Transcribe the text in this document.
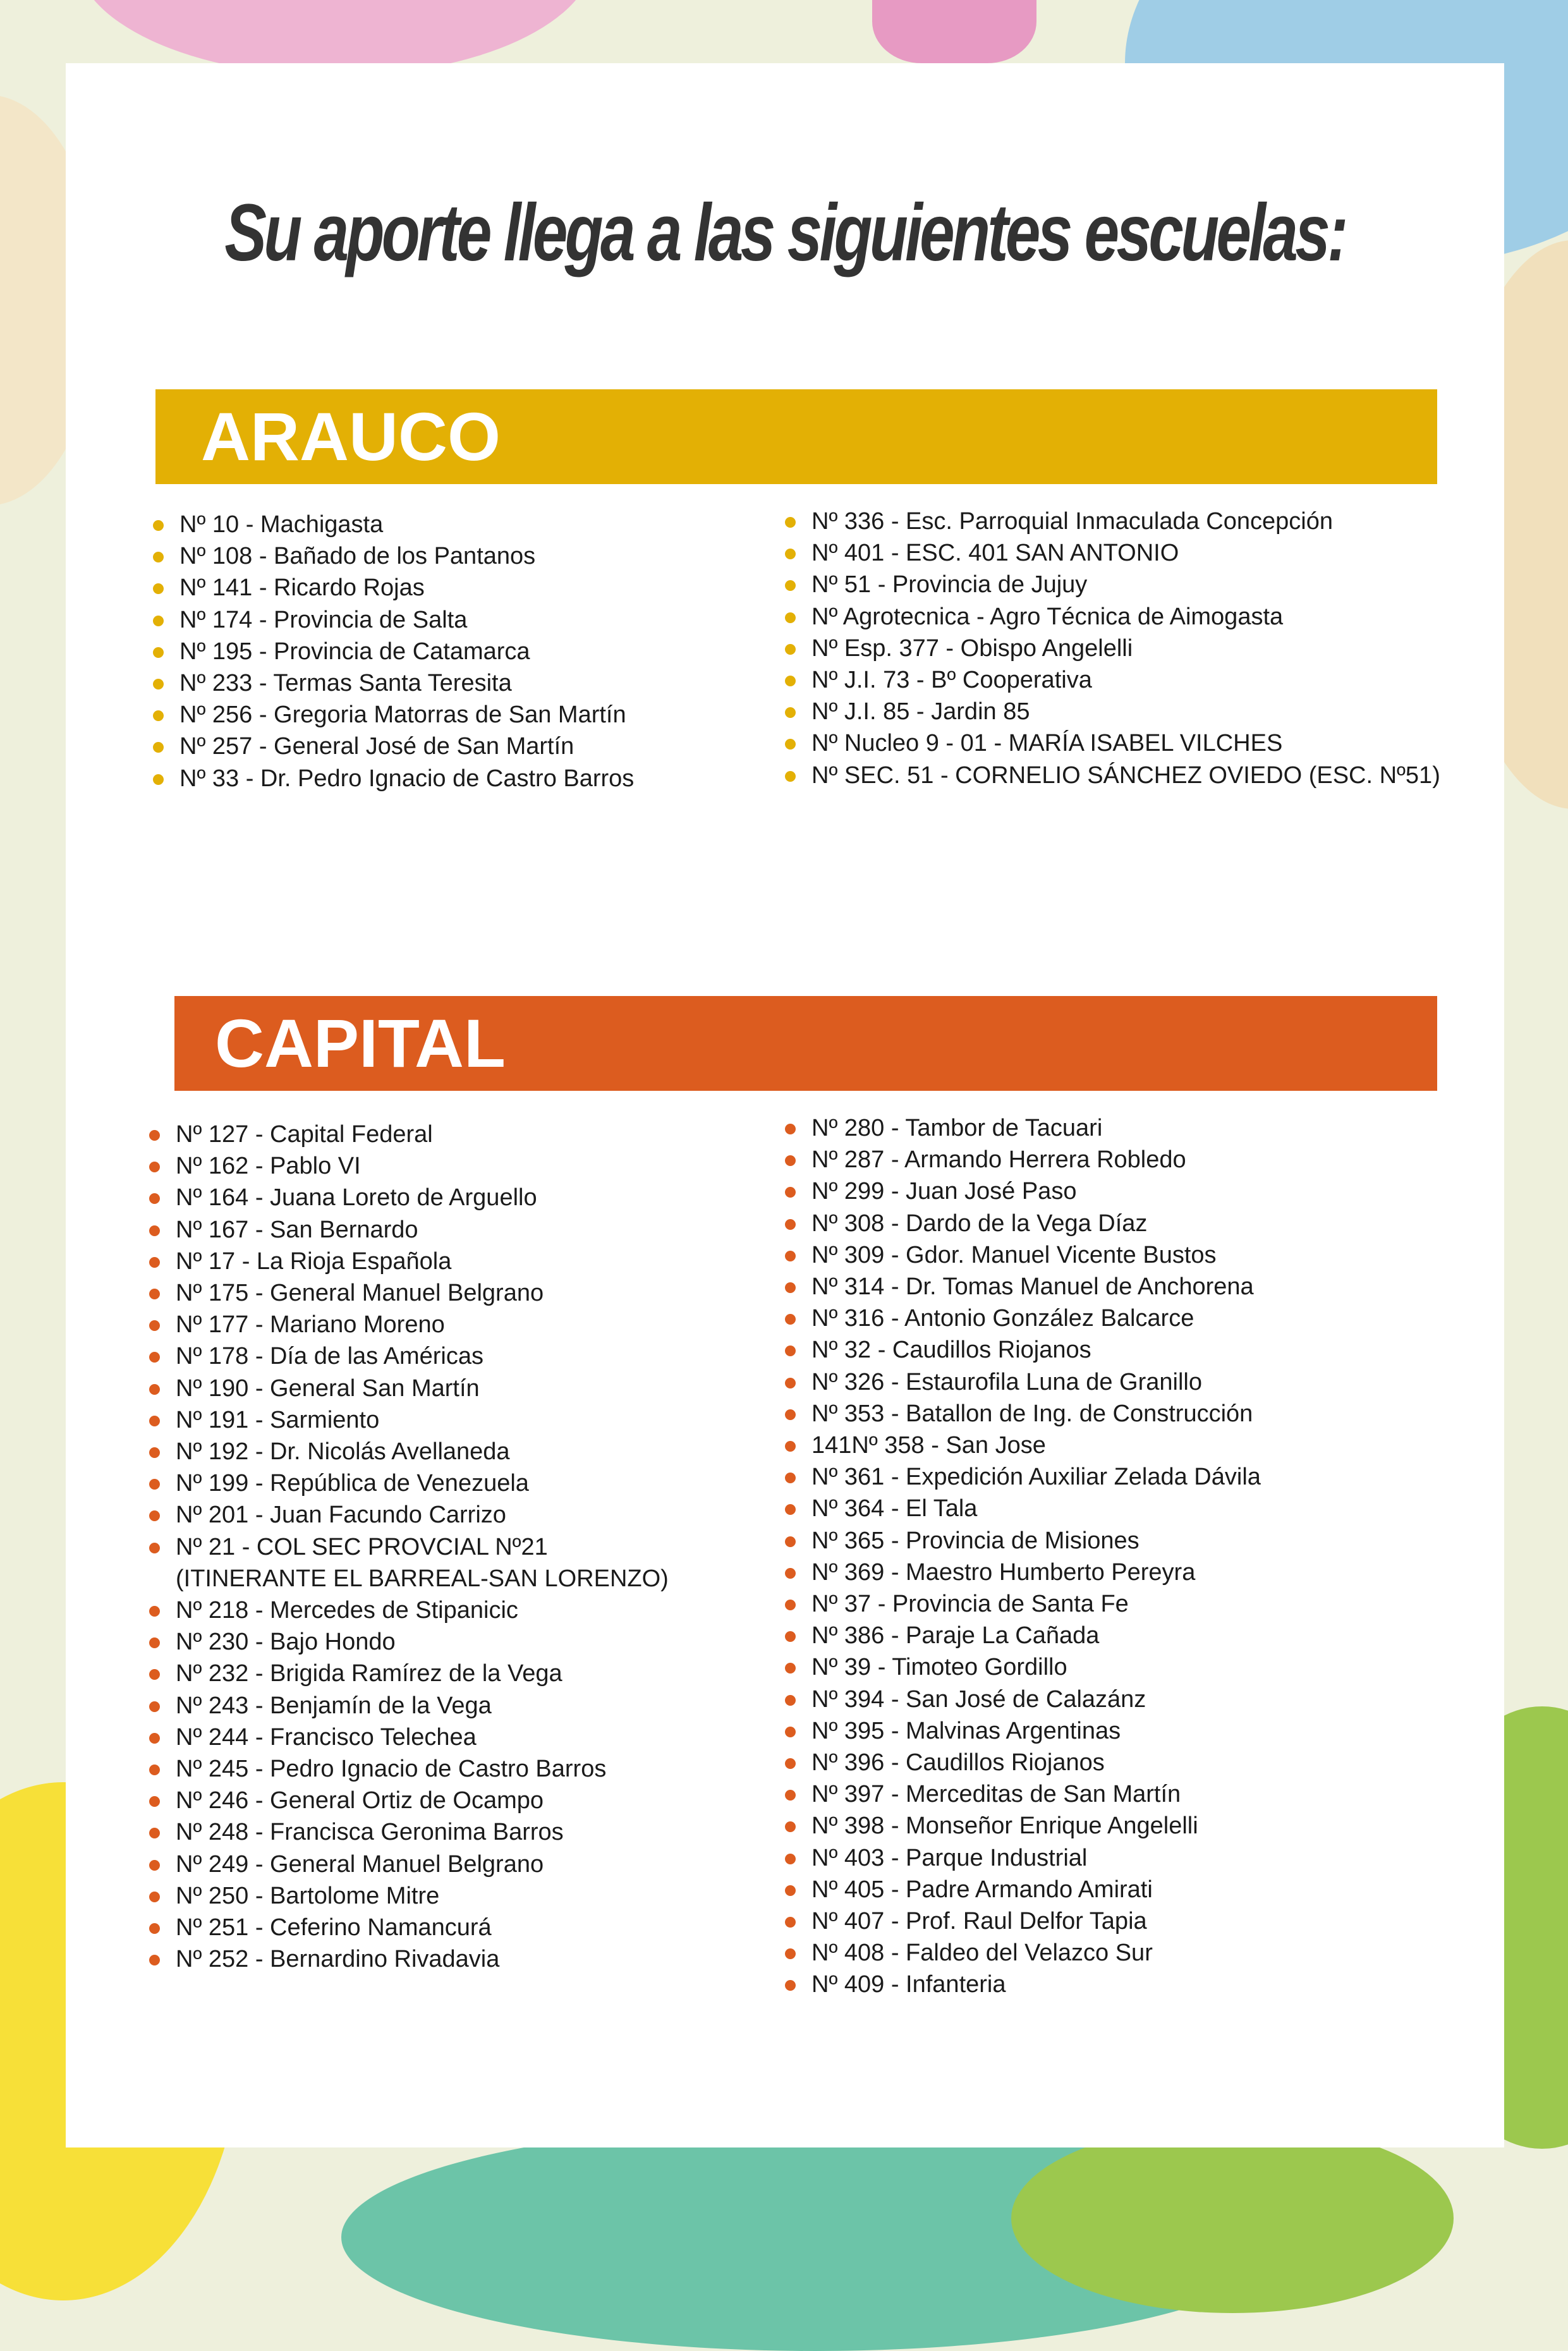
Su aporte llega a las siguientes escuelas:
ARAUCO
Nº 10 - Machigasta
Nº 108 - Bañado de los Pantanos
Nº 141 - Ricardo Rojas
Nº 174 - Provincia de Salta
Nº 195 - Provincia de Catamarca
Nº 233 - Termas Santa Teresita
Nº 256 - Gregoria Matorras de San Martín
Nº 257 - General José de San Martín
Nº 33 - Dr. Pedro Ignacio de Castro Barros
Nº 336 - Esc. Parroquial Inmaculada Concepción
Nº 401 - ESC. 401 SAN ANTONIO
Nº 51 - Provincia de Jujuy
Nº Agrotecnica - Agro Técnica de Aimogasta
Nº Esp. 377 - Obispo Angelelli
Nº J.I. 73 - Bº Cooperativa
Nº J.I. 85 - Jardin 85
Nº Nucleo 9 - 01 - MARÍA ISABEL VILCHES
Nº SEC. 51 - CORNELIO SÁNCHEZ OVIEDO (ESC. Nº51)
CAPITAL
Nº 127 - Capital Federal
Nº 162 - Pablo VI
Nº 164 - Juana Loreto de Arguello
Nº 167 - San Bernardo
Nº 17 - La Rioja Española
Nº 175 - General Manuel Belgrano
Nº 177 - Mariano Moreno
Nº 178 - Día de las Américas
Nº 190 - General San Martín
Nº 191 - Sarmiento
Nº 192 - Dr. Nicolás Avellaneda
Nº 199 - República de Venezuela
Nº 201 - Juan Facundo Carrizo
Nº 21 - COL SEC PROVCIAL Nº21
(ITINERANTE EL BARREAL-SAN LORENZO)
Nº 218 - Mercedes de Stipanicic
Nº 230 - Bajo Hondo
Nº 232 - Brigida Ramírez de la Vega
Nº 243 - Benjamín de la Vega
Nº 244 - Francisco Telechea
Nº 245 - Pedro Ignacio de Castro Barros
Nº 246 - General Ortiz de Ocampo
Nº 248 - Francisca Geronima Barros
Nº 249 - General Manuel Belgrano
Nº 250 - Bartolome Mitre
Nº 251 - Ceferino Namancurá
Nº 252 - Bernardino Rivadavia
Nº 280 - Tambor de Tacuari
Nº 287 - Armando Herrera Robledo
Nº 299 - Juan José Paso
Nº 308 - Dardo de la Vega Díaz
Nº 309 - Gdor. Manuel Vicente Bustos
Nº 314 - Dr. Tomas Manuel de Anchorena
Nº 316 - Antonio González Balcarce
Nº 32 - Caudillos Riojanos
Nº 326 - Estaurofila Luna de Granillo
Nº 353 - Batallon de Ing. de Construcción
141Nº 358 - San Jose
Nº 361 - Expedición Auxiliar Zelada Dávila
Nº 364 - El Tala
Nº 365 - Provincia de Misiones
Nº 369 - Maestro Humberto Pereyra
Nº 37 - Provincia de Santa Fe
Nº 386 - Paraje La Cañada
Nº 39 - Timoteo Gordillo
Nº 394 - San José de Calazánz
Nº 395 - Malvinas Argentinas
Nº 396 - Caudillos Riojanos
Nº 397 - Merceditas de San Martín
Nº 398 - Monseñor Enrique Angelelli
Nº 403 - Parque Industrial
Nº 405 - Padre Armando Amirati
Nº 407 - Prof. Raul Delfor Tapia
Nº 408 - Faldeo del Velazco Sur
Nº 409 - Infanteria
